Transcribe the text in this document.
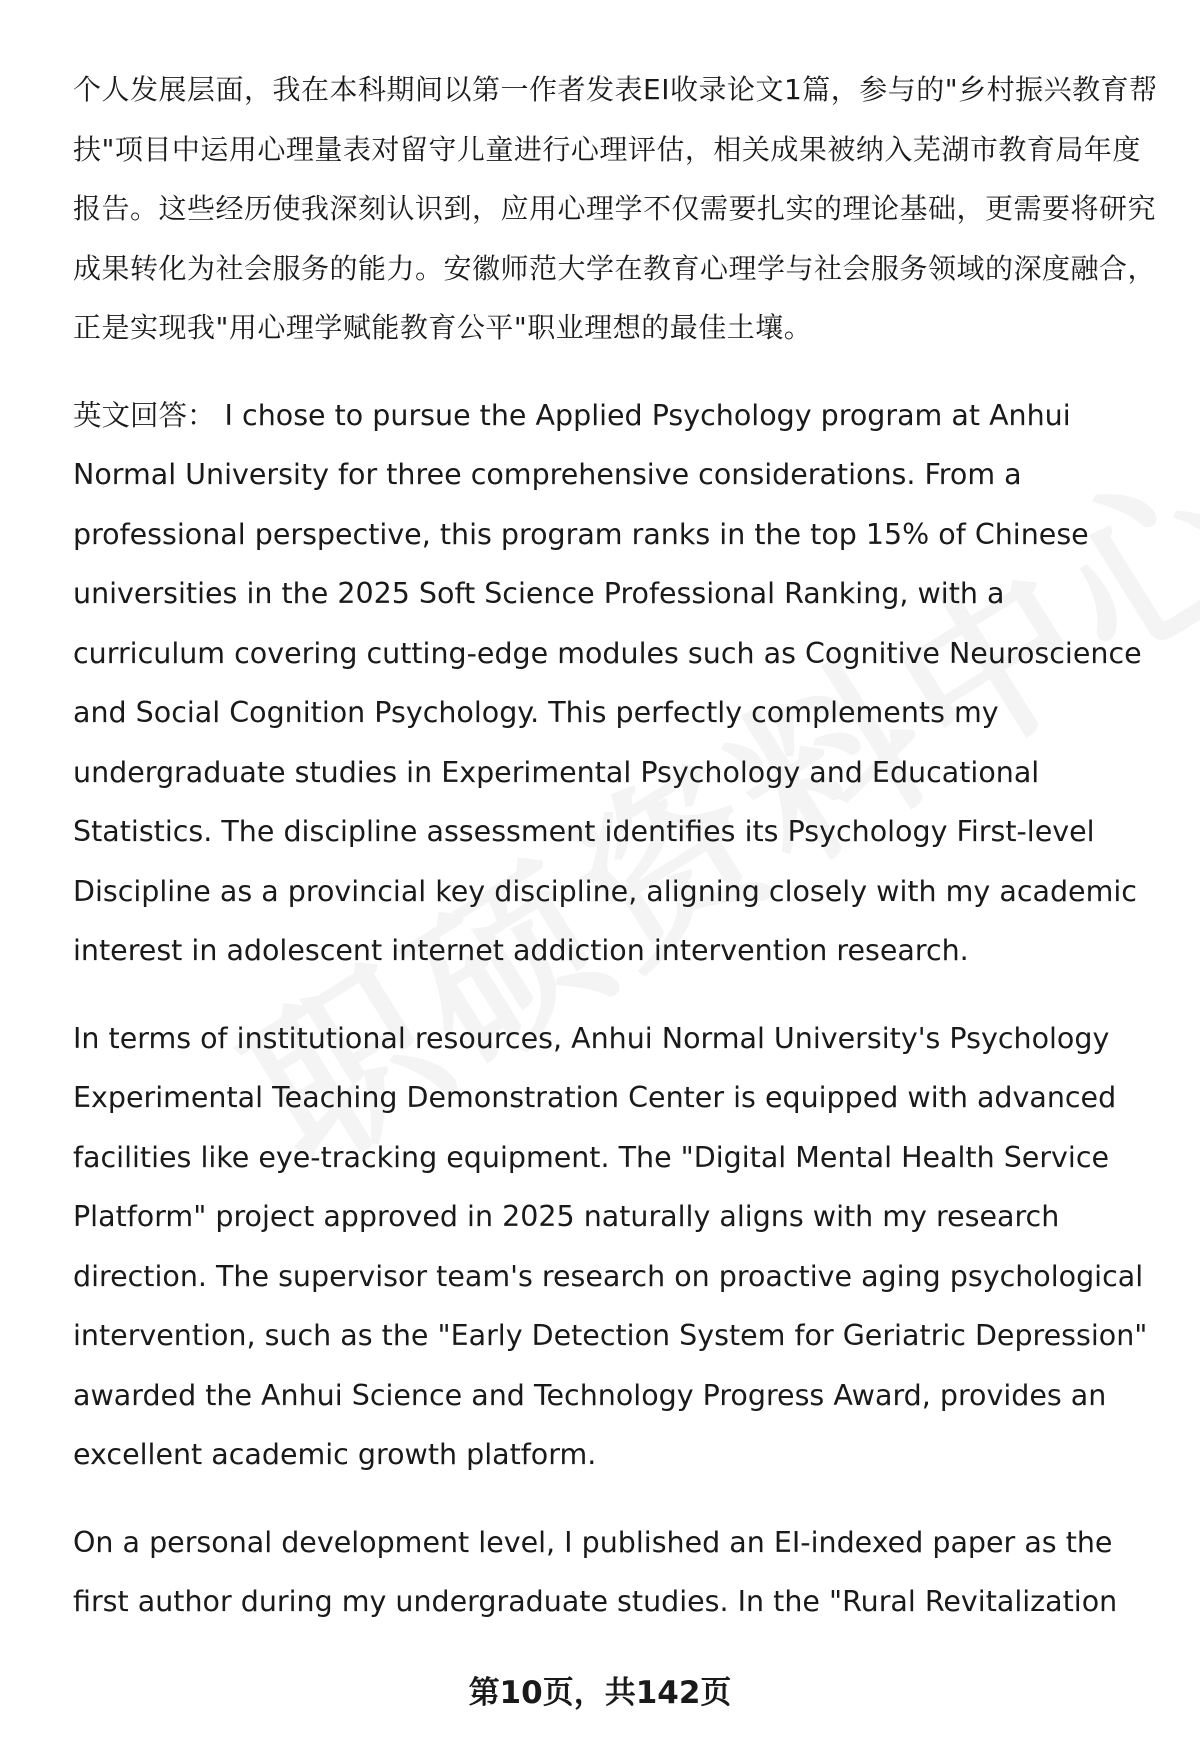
个人发展层面，我在本科期间以第一作者发表EI收录论文1篇，参与的"乡村振兴教育帮扶"项目中运用心理量表对留守儿童进行心理评估，相关成果被纳入芜湖市教育局年度报告。这些经历使我深刻认识到，应用心理学不仅需要扎实的理论基础，更需要将研究成果转化为社会服务的能力。安徽师范大学在教育心理学与社会服务领域的深度融合，正是实现我"用心理学赋能教育公平"职业理想的最佳土壤。

英文回答： I chose to pursue the Applied Psychology program at Anhui Normal University for three comprehensive considerations. From a professional perspective, this program ranks in the top 15% of Chinese universities in the 2025 Soft Science Professional Ranking, with a curriculum covering cutting-edge modules such as Cognitive Neuroscience and Social Cognition Psychology. This perfectly complements my undergraduate studies in Experimental Psychology and Educational Statistics. The discipline assessment identifies its Psychology First-level Discipline as a provincial key discipline, aligning closely with my academic interest in adolescent internet addiction intervention research.

In terms of institutional resources, Anhui Normal University's Psychology Experimental Teaching Demonstration Center is equipped with advanced facilities like eye-tracking equipment. The "Digital Mental Health Service Platform" project approved in 2025 naturally aligns with my research direction. The supervisor team's research on proactive aging psychological intervention, such as the "Early Detection System for Geriatric Depression" awarded the Anhui Science and Technology Progress Award, provides an excellent academic growth platform.

On a personal development level, I published an EI-indexed paper as the first author during my undergraduate studies. In the "Rural Revitalization

第10页，共142页
